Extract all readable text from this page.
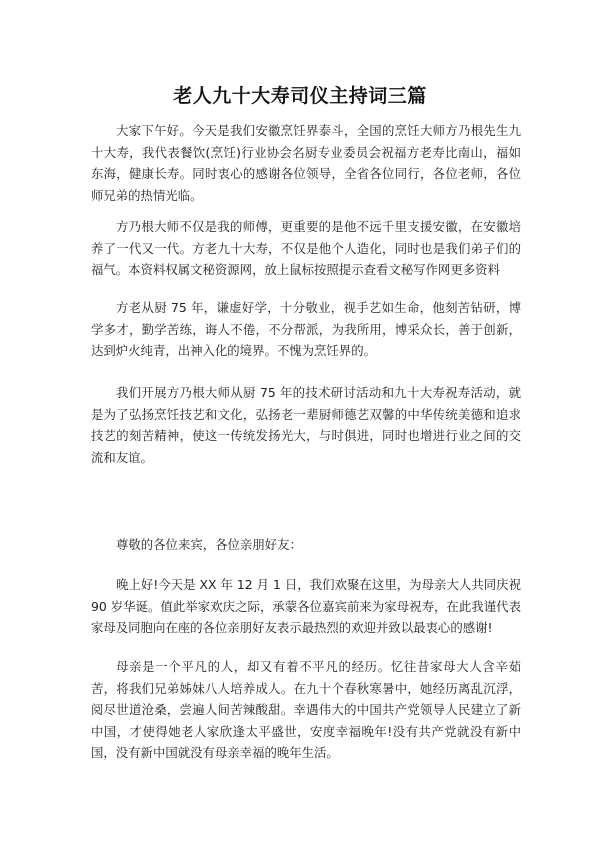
老人九十大寿司仪主持词三篇

大家下午好。今天是我们安徽烹饪界泰斗，全国的烹饪大师方乃根先生九十大寿，我代表餐饮(烹饪)行业协会名厨专业委员会祝福方老寿比南山，福如东海，健康长寿。同时衷心的感谢各位领导，全省各位同行，各位老师，各位师兄弟的热情光临。

方乃根大师不仅是我的师傅，更重要的是他不远千里支援安徽，在安徽培养了一代又一代。方老九十大寿，不仅是他个人造化，同时也是我们弟子们的福气。本资料权属文秘资源网，放上鼠标按照提示查看文秘写作网更多资料

方老从厨 75 年，谦虚好学，十分敬业，视手艺如生命，他刻苦钻研，博学多才，勤学苦练，诲人不倦，不分帮派，为我所用，博采众长，善于创新，达到炉火纯青，出神入化的境界。不愧为烹饪界的。

我们开展方乃根大师从厨 75 年的技术研讨活动和九十大寿祝寿活动，就是为了弘扬烹饪技艺和文化，弘扬老一辈厨师德艺双馨的中华传统美德和追求技艺的刻苦精神，使这一传统发扬光大，与时俱进，同时也增进行业之间的交流和友谊。

尊敬的各位来宾，各位亲朋好友：

晚上好!今天是 XX 年 12 月 1 日，我们欢聚在这里，为母亲大人共同庆祝 90 岁华诞。值此举家欢庆之际，承蒙各位嘉宾前来为家母祝寿，在此我谨代表家母及同胞向在座的各位亲朋好友表示最热烈的欢迎并致以最衷心的感谢!

母亲是一个平凡的人，却又有着不平凡的经历。忆往昔家母大人含辛茹苦，将我们兄弟姊妹八人培养成人。在九十个春秋寒暑中，她经历离乱沉浮，阅尽世道沧桑，尝遍人间苦辣酸甜。幸遇伟大的中国共产党领导人民建立了新中国，才使得她老人家欣逢太平盛世，安度幸福晚年!没有共产党就没有新中国，没有新中国就没有母亲幸福的晚年生活。
